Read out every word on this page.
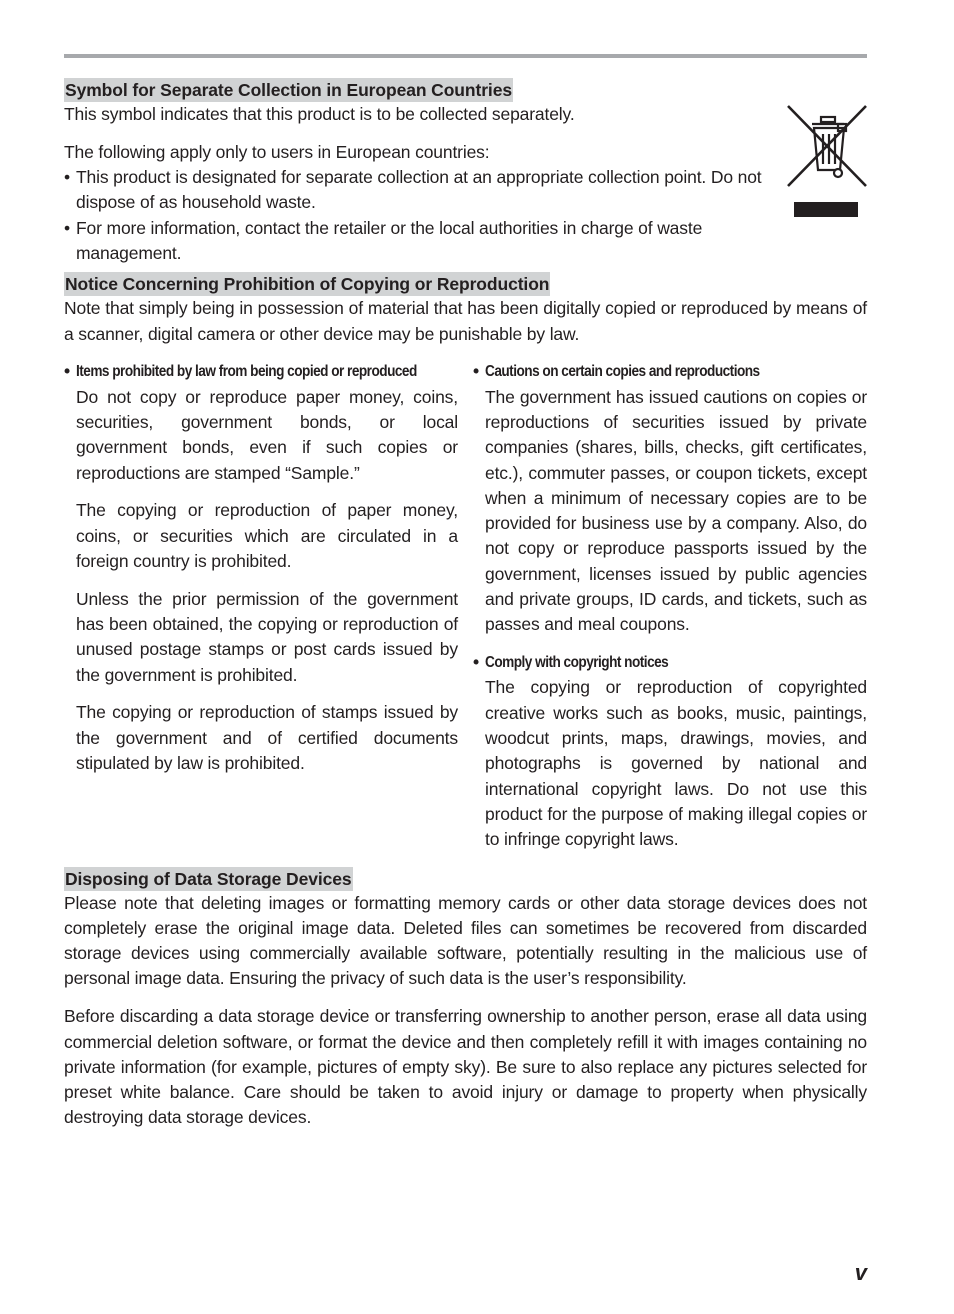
Symbol for Separate Collection in European Countries

This symbol indicates that this product is to be collected separately.

The following apply only to users in European countries:

• This product is designated for separate collection at an appropriate collection point. Do not dispose of as household waste.
• For more information, contact the retailer or the local authorities in charge of waste management.
Notice Concerning Prohibition of Copying or Reproduction

Note that simply being in possession of material that has been digitally copied or reproduced by means of a scanner, digital camera or other device may be punishable by law.

• Items prohibited by law from being copied or reproduced

Do not copy or reproduce paper money, coins, securities, government bonds, or local government bonds, even if such copies or reproductions are stamped “Sample.”

The copying or reproduction of paper money, coins, or securities which are circulated in a foreign country is prohibited.

Unless the prior permission of the government has been obtained, the copying or reproduction of unused postage stamps or post cards issued by the government is prohibited.

The copying or reproduction of stamps issued by the government and of certified documents stipulated by law is prohibited.

• Cautions on certain copies and reproductions

The government has issued cautions on copies or reproductions of securities issued by private companies (shares, bills, checks, gift certificates, etc.), commuter passes, or coupon tickets, except when a minimum of necessary copies are to be provided for business use by a company. Also, do not copy or reproduce passports issued by the government, licenses issued by public agencies and private groups, ID cards, and tickets, such as passes and meal coupons.

• Comply with copyright notices

The copying or reproduction of copyrighted creative works such as books, music, paintings, woodcut prints, maps, drawings, movies, and photographs is governed by national and international copyright laws. Do not use this product for the purpose of making illegal copies or to infringe copyright laws.

Disposing of Data Storage Devices

Please note that deleting images or formatting memory cards or other data storage devices does not completely erase the original image data. Deleted files can sometimes be recovered from discarded storage devices using commercially available software, potentially resulting in the malicious use of personal image data. Ensuring the privacy of such data is the user’s responsibility.

Before discarding a data storage device or transferring ownership to another person, erase all data using commercial deletion software, or format the device and then completely refill it with images containing no private information (for example, pictures of empty sky). Be sure to also replace any pictures selected for preset white balance. Care should be taken to avoid injury or damage to property when physically destroying data storage devices.

v
